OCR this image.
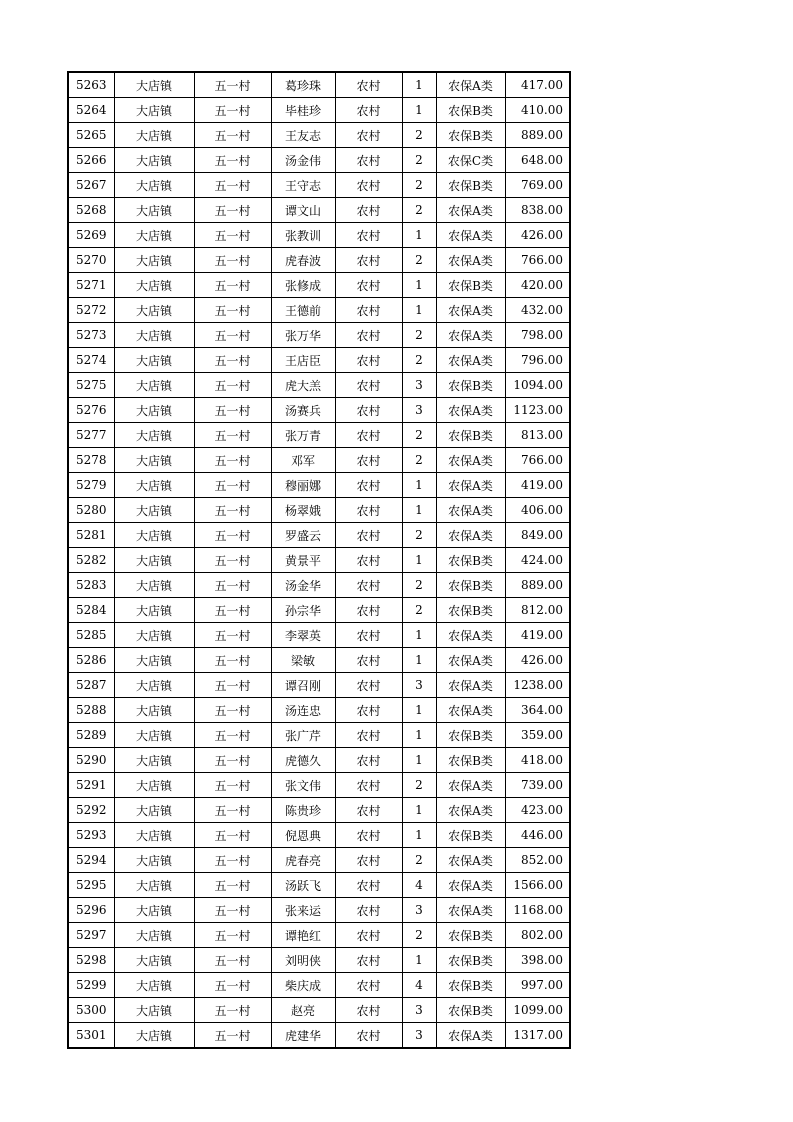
5263	大店镇	五一村	葛珍珠	农村	1	农保A类	417.00
5264	大店镇	五一村	毕桂珍	农村	1	农保B类	410.00
5265	大店镇	五一村	王友志	农村	2	农保B类	889.00
5266	大店镇	五一村	汤金伟	农村	2	农保C类	648.00
5267	大店镇	五一村	王守志	农村	2	农保B类	769.00
5268	大店镇	五一村	谭文山	农村	2	农保A类	838.00
5269	大店镇	五一村	张教训	农村	1	农保A类	426.00
5270	大店镇	五一村	虎春波	农村	2	农保A类	766.00
5271	大店镇	五一村	张修成	农村	1	农保B类	420.00
5272	大店镇	五一村	王德前	农村	1	农保A类	432.00
5273	大店镇	五一村	张万华	农村	2	农保A类	798.00
5274	大店镇	五一村	王店臣	农村	2	农保A类	796.00
5275	大店镇	五一村	虎大羔	农村	3	农保B类	1094.00
5276	大店镇	五一村	汤赛兵	农村	3	农保A类	1123.00
5277	大店镇	五一村	张万青	农村	2	农保B类	813.00
5278	大店镇	五一村	邓军	农村	2	农保A类	766.00
5279	大店镇	五一村	穆丽娜	农村	1	农保A类	419.00
5280	大店镇	五一村	杨翠娥	农村	1	农保A类	406.00
5281	大店镇	五一村	罗盛云	农村	2	农保A类	849.00
5282	大店镇	五一村	黄景平	农村	1	农保B类	424.00
5283	大店镇	五一村	汤金华	农村	2	农保B类	889.00
5284	大店镇	五一村	孙宗华	农村	2	农保B类	812.00
5285	大店镇	五一村	李翠英	农村	1	农保A类	419.00
5286	大店镇	五一村	梁敏	农村	1	农保A类	426.00
5287	大店镇	五一村	谭召刚	农村	3	农保A类	1238.00
5288	大店镇	五一村	汤连忠	农村	1	农保A类	364.00
5289	大店镇	五一村	张广芹	农村	1	农保B类	359.00
5290	大店镇	五一村	虎德久	农村	1	农保B类	418.00
5291	大店镇	五一村	张文伟	农村	2	农保A类	739.00
5292	大店镇	五一村	陈贵珍	农村	1	农保A类	423.00
5293	大店镇	五一村	倪恩典	农村	1	农保B类	446.00
5294	大店镇	五一村	虎春亮	农村	2	农保A类	852.00
5295	大店镇	五一村	汤跃飞	农村	4	农保A类	1566.00
5296	大店镇	五一村	张来运	农村	3	农保A类	1168.00
5297	大店镇	五一村	谭艳红	农村	2	农保B类	802.00
5298	大店镇	五一村	刘明侠	农村	1	农保B类	398.00
5299	大店镇	五一村	柴庆成	农村	4	农保B类	997.00
5300	大店镇	五一村	赵亮	农村	3	农保B类	1099.00
5301	大店镇	五一村	虎建华	农村	3	农保A类	1317.00
